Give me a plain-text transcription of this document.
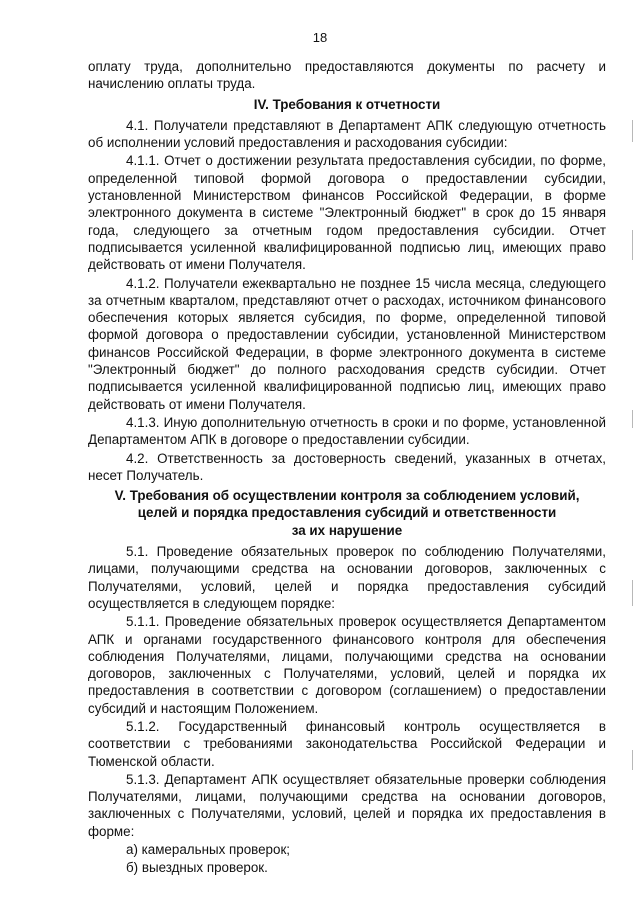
18

оплату труда, дополнительно предоставляются документы по расчету и начислению оплаты труда.

IV. Требования к отчетности

4.1. Получатели представляют в Департамент АПК следующую отчетность об исполнении условий предоставления и расходования субсидии:

4.1.1. Отчет о достижении результата предоставления субсидии, по форме, определенной типовой формой договора о предоставлении субсидии, установленной Министерством финансов Российской Федерации, в форме электронного документа в системе "Электронный бюджет" в срок до 15 января года, следующего за отчетным годом предоставления субсидии. Отчет подписывается усиленной квалифицированной подписью лиц, имеющих право действовать от имени Получателя.

4.1.2. Получатели ежеквартально не позднее 15 числа месяца, следующего за отчетным кварталом, представляют отчет о расходах, источником финансового обеспечения которых является субсидия, по форме, определенной типовой формой договора о предоставлении субсидии, установленной Министерством финансов Российской Федерации, в форме электронного документа в системе "Электронный бюджет" до полного расходования средств субсидии. Отчет подписывается усиленной квалифицированной подписью лиц, имеющих право действовать от имени Получателя.

4.1.3. Иную дополнительную отчетность в сроки и по форме, установленной Департаментом АПК в договоре о предоставлении субсидии.

4.2. Ответственность за достоверность сведений, указанных в отчетах, несет Получатель.

V. Требования об осуществлении контроля за соблюдением условий,
целей и порядка предоставления субсидий и ответственности
за их нарушение

5.1. Проведение обязательных проверок по соблюдению Получателями, лицами, получающими средства на основании договоров, заключенных с Получателями, условий, целей и порядка предоставления субсидий осуществляется в следующем порядке:

5.1.1. Проведение обязательных проверок осуществляется Департаментом АПК и органами государственного финансового контроля для обеспечения соблюдения Получателями, лицами, получающими средства на основании договоров, заключенных с Получателями, условий, целей и порядка их предоставления в соответствии с договором (соглашением) о предоставлении субсидий и настоящим Положением.

5.1.2. Государственный финансовый контроль осуществляется в соответствии с требованиями законодательства Российской Федерации и Тюменской области.

5.1.3. Департамент АПК осуществляет обязательные проверки соблюдения Получателями, лицами, получающими средства на основании договоров, заключенных с Получателями, условий, целей и порядка их предоставления в форме:

а) камеральных проверок;

б) выездных проверок.
